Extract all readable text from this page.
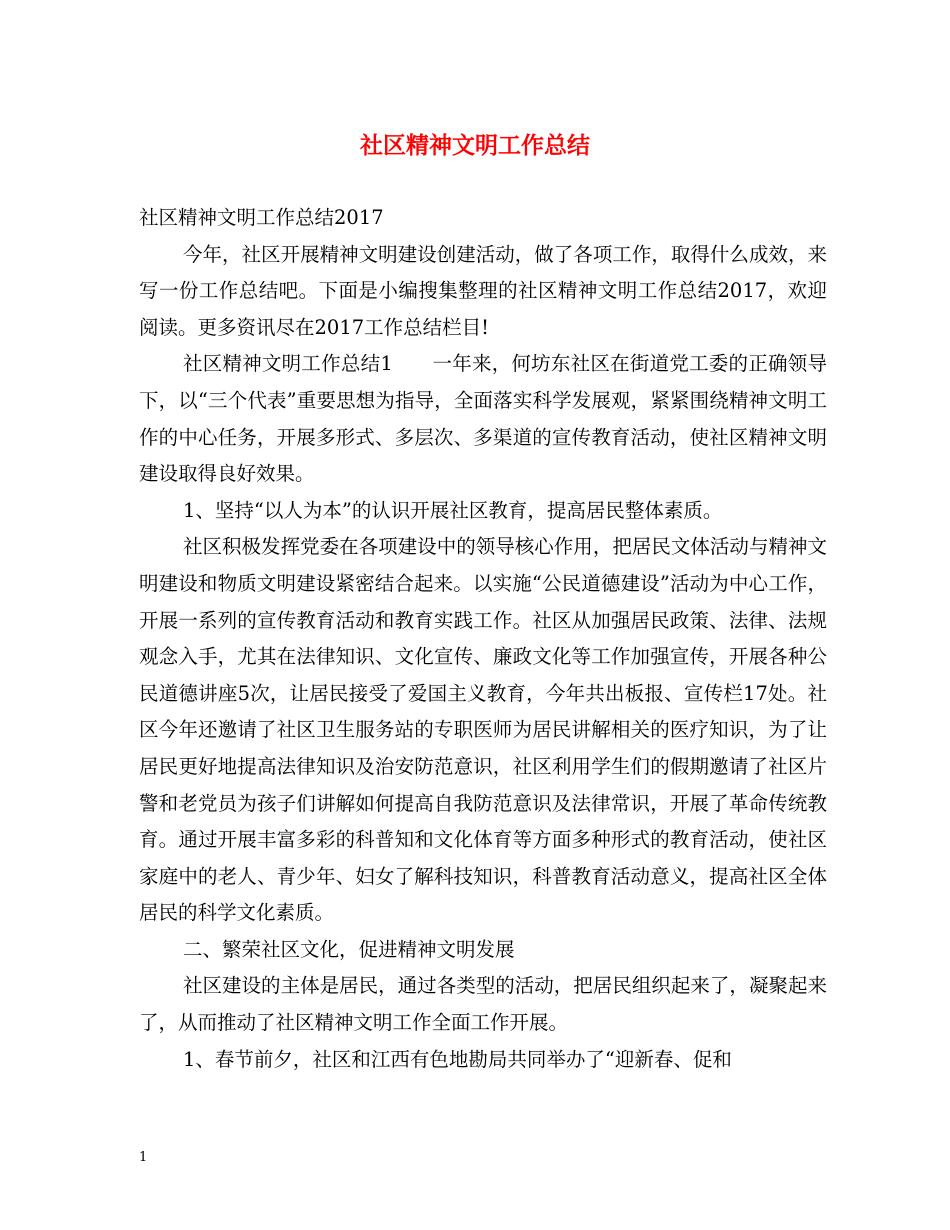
社区精神文明工作总结

社区精神文明工作总结2017

今年，社区开展精神文明建设创建活动，做了各项工作，取得什么成效，来写一份工作总结吧。下面是小编搜集整理的社区精神文明工作总结2017，欢迎阅读。更多资讯尽在2017工作总结栏目!

社区精神文明工作总结1　　一年来，何坊东社区在街道党工委的正确领导下，以“三个代表”重要思想为指导，全面落实科学发展观，紧紧围绕精神文明工作的中心任务，开展多形式、多层次、多渠道的宣传教育活动，使社区精神文明建设取得良好效果。

1、坚持“以人为本”的认识开展社区教育，提高居民整体素质。

社区积极发挥党委在各项建设中的领导核心作用，把居民文体活动与精神文明建设和物质文明建设紧密结合起来。以实施“公民道德建设”活动为中心工作，开展一系列的宣传教育活动和教育实践工作。社区从加强居民政策、法律、法规观念入手，尤其在法律知识、文化宣传、廉政文化等工作加强宣传，开展各种公民道德讲座5次，让居民接受了爱国主义教育，今年共出板报、宣传栏17处。社区今年还邀请了社区卫生服务站的专职医师为居民讲解相关的医疗知识，为了让居民更好地提高法律知识及治安防范意识，社区利用学生们的假期邀请了社区片警和老党员为孩子们讲解如何提高自我防范意识及法律常识，开展了革命传统教育。通过开展丰富多彩的科普知和文化体育等方面多种形式的教育活动，使社区家庭中的老人、青少年、妇女了解科技知识，科普教育活动意义，提高社区全体居民的科学文化素质。

二、繁荣社区文化，促进精神文明发展

社区建设的主体是居民，通过各类型的活动，把居民组织起来了，凝聚起来了，从而推动了社区精神文明工作全面工作开展。

1、春节前夕，社区和江西有色地勘局共同举办了“迎新春、促和

1
